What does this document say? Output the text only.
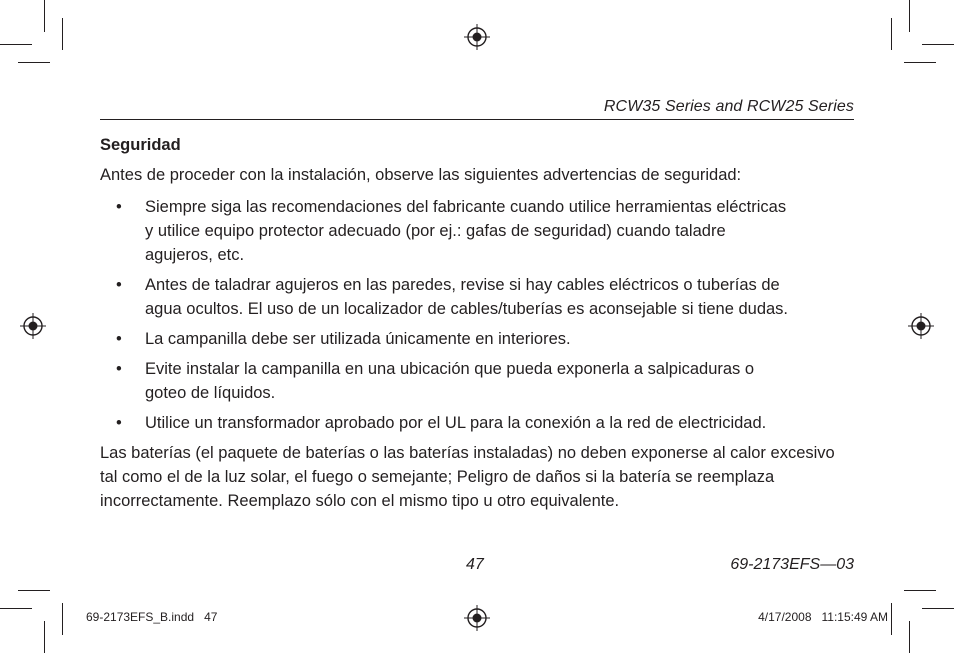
RCW35 Series and RCW25 Series
Seguridad

Antes de proceder con la instalación, observe las siguientes advertencias de seguridad:

• Siempre siga las recomendaciones del fabricante cuando utilice herramientas eléctricas y utilice equipo protector adecuado (por ej.: gafas de seguridad) cuando taladre agujeros, etc.
• Antes de taladrar agujeros en las paredes, revise si hay cables eléctricos o tuberías de agua ocultos. El uso de un localizador de cables/tuberías es aconsejable si tiene dudas.
• La campanilla debe ser utilizada únicamente en interiores.
• Evite instalar la campanilla en una ubicación que pueda exponerla a salpicaduras o goteo de líquidos.
• Utilice un transformador aprobado por el UL para la conexión a la red de electricidad.

Las baterías (el paquete de baterías o las baterías instaladas) no deben exponerse al calor excesivo tal como el de la luz solar, el fuego o semejante; Peligro de daños si la batería se reemplaza incorrectamente. Reemplazo sólo con el mismo tipo u otro equivalente.

47	69-2173EFS—03
69-2173EFS_B.indd   47	4/17/2008   11:15:49 AM
